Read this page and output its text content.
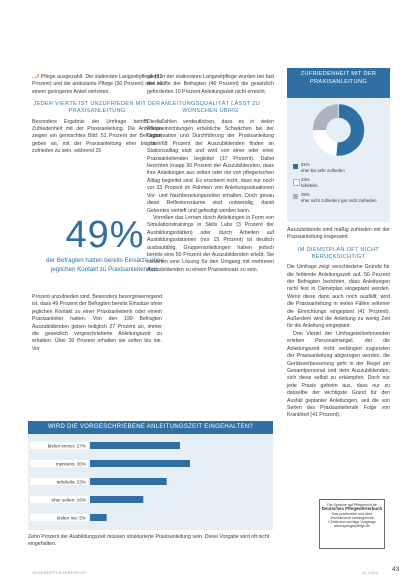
...// Pflege ausgezahlt. Die stationäre Langzeitpflege (31 Prozent) und die ambulante Pflege (30 Prozent) sind zu einem geringeren Anteil vertreten.

JEDER VIERTE IST UNZUFRIEDEN MIT DER PRAXISANLEITUNG

Besonders Ergebnis der Umfrage betrifft die Zufriedenheit mit der Praxisanleitung. Die Antworten zeigen ein gemischtes Bild: 51 Prozent der Befragten geben an, mit der Praxisanleitung eher bis sehr zufrieden zu sein, während 25

49%
der Befragten hatten bereits Einsätze ohne jeglichen Kontakt zu Praxisanleitenden.

Prozent unzufrieden sind. Besonders besorgniserregend ist, dass 49 Prozent der Befragten bereits Einsätze ohne jeglichen Kontakt zu einer Praxisanleiterin oder einem Praxisanleiter hatten. Von den 199 Befragten Auszubildenden geben lediglich 27 Prozent an, immer die gesetzlich vorgeschriebene Anleitungszeit zu erhalten. Über 30 Prozent erhalten sie selten bis nie. Vor

allem in der stationären Langzeitpflege wurden bei fast der Hälfte der Befragten (46 Prozent) die gesetzlich geforderten 10 Prozent Anleitungszeit nicht erreicht.

ANLEITUNGSQUALITÄT LÄSST ZU WÜNSCHEN ÜBRIG

Die Zahlen verdeutlichen, dass es in vielen Pflegeeinrichtungen erhebliche Schwächen bei der Organisation und Durchführung der Praxisanleitung gibt. 68 Prozent der Auszubildenden finden im Stationsalltag statt und wird von einer oder einer Praxisanleitenden begleitet (37 Prozent). Dabei berichten knapp 30 Prozent der Auszubildenden, dass ihre Anleitungen aus selten oder nie von pflegerischen Alltag begleitet sind. Es erscheint nicht, dass nur noch vor 33 Prozent im Rahmen von Anleitungssituationen Vor- und Nachbereitungszeiten erhalten. Doch genau diese Reflexionsräume sind notwendig, damit Gelerntes vertieft und gefestigt werden kann.

Vorrollen das Lernen durch Anleitungen in Form von Simulationstrainings in Skills Labs (3 Prozent der Ausbildungsstätten) oder durch Arbeiten auf Ausbildungsstationen (nur 15 Prozent) ist deutlich ausbaufähig. Gruppenanleitungen haben jedoch bereits eine 50 Prozent der Auszubildenden erlebt. Sie scheinen eine Lösung für den Umgang mit mehreren Auszubildenden zu einem Praxiseinsatz zu sein.

ZUFRIEDENHEIT MIT DER PRAXISANLEITUNG
51%
eher bis sehr zufrieden
23%
teils/teils
25%
eher nicht zufrieden/ gar nicht zufrieden

Auszubildende sind mäßig zufrieden mit der Praxisanleitung insgesamt.

IM DIENSTPLAN OFT NICHT BERÜCKSICHTIGT

Die Umfrage zeigt verschiedene Gründe für die fehlende Anleitungszeit auf. 50 Prozent der Befragten berichten, dass Anleitungen nicht fest in Dienstplan eingeplant werden. Wenn diese dann auch noch ausfällt, wird die Praxisanleitung in vielen Fällen seltener die Einrichtungs eingeplant (41 Prozent). Außerdem wird die Anleitung zu wenig Zeit für die Anleitung eingeplant.

Drei Viertel der Umfrageteilnehmenden erleben Personalmangel, der die Anleitungszeit nicht verlängert zugunsten der Praxisanleitung abgezogen werden, die Gerätsverbesserung geht in der Regel am Gesamtpersonal und dem Auszubildenden, sich diese selbst zu erkämpfen. Doch nur jede Praxis geheim aus, dass nur zu dasselbe der wichtigste Grund für den Ausfall geplanter Anleitungen, seit die von Seiten des Praxisanleitende Folge von Krankheit (41 Prozent).

WIRD DIE VORGESCHRIEBENE ANLEITUNGSZEIT EINGEHALTEN?
bisher immer: 27%
meistens: 30%
teils/teils: 23%
eher selten: 16%
bisher nie: 5%
Zehn Prozent der Ausbildungszeit müssen strukturierte Praxisanleitung sein. Diese Vorgabe wird oft nicht eingehalten.
Die Sprache auf Pflegebuch.de
Deutsches Pflegewörterbuch
Das praxisnahe und über
Zehntausend umfangreiche
Cheifs und wichtige Vorgänge
www.springerpflege.de
JUGENDPFLEGEBERICHT	11.2024 43
